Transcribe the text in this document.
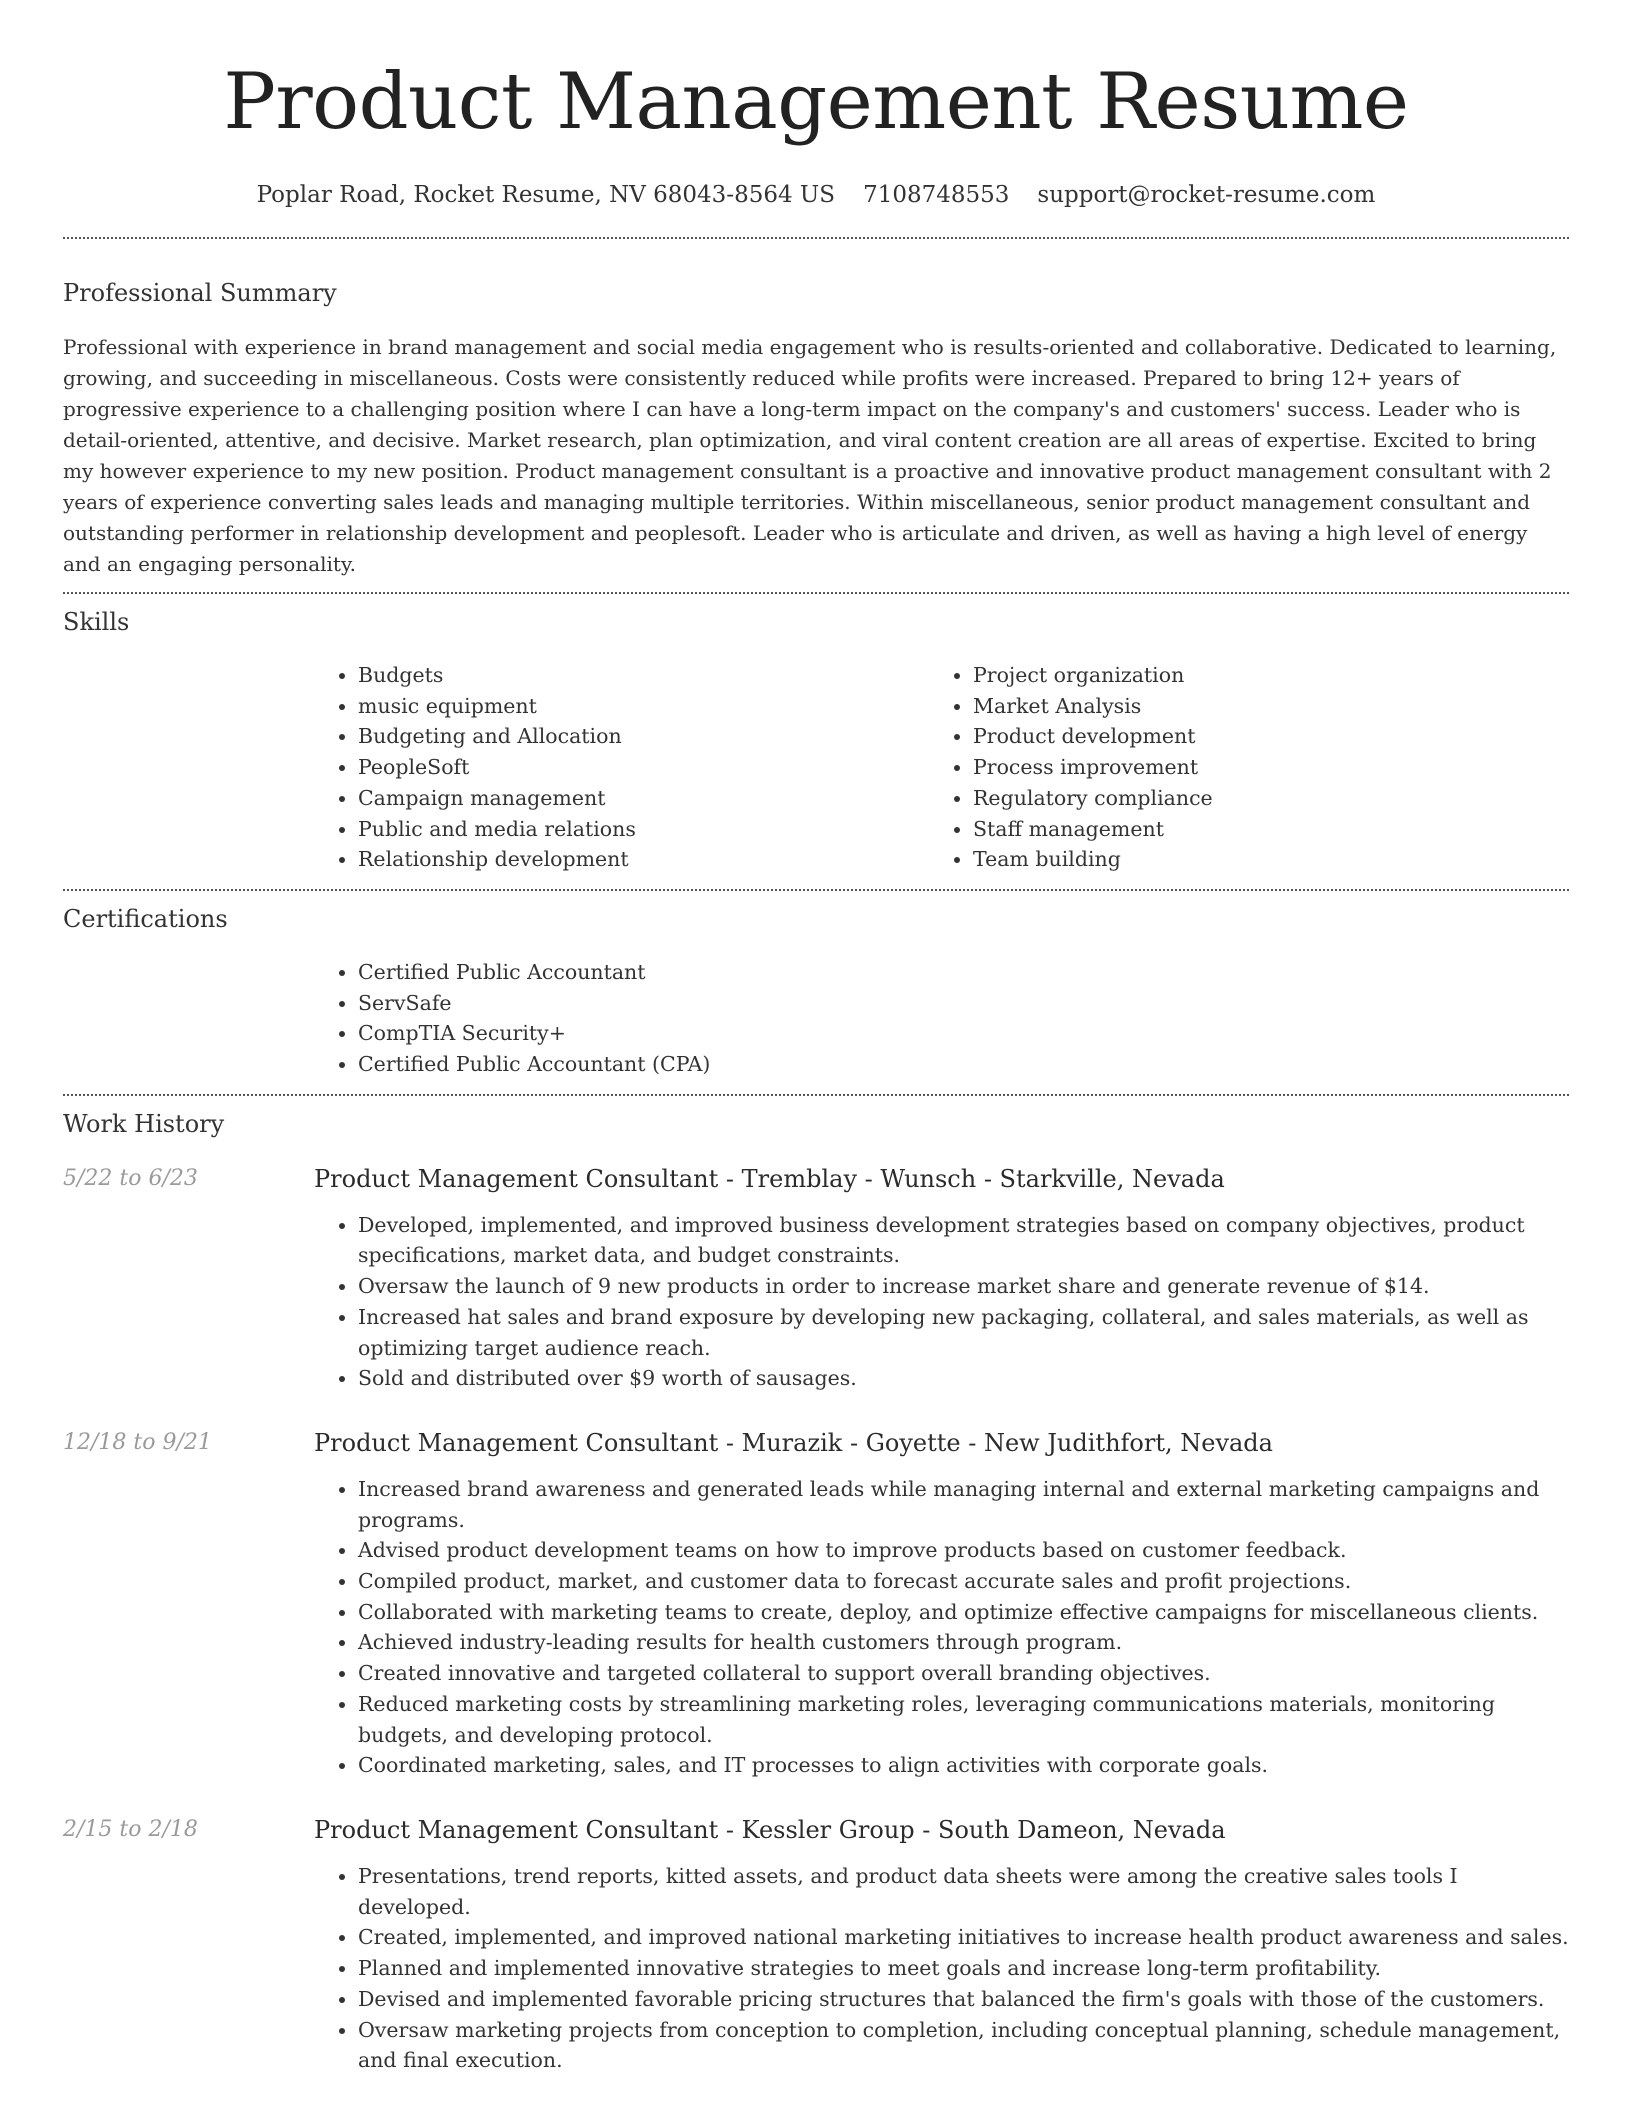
Product Management Resume
Poplar Road, Rocket Resume, NV 68043-8564 US 7108748553 support@rocket-resume.com
Professional Summary

Professional with experience in brand management and social media engagement who is results-oriented and collaborative. Dedicated to learning, growing, and succeeding in miscellaneous. Costs were consistently reduced while profits were increased. Prepared to bring 12+ years of progressive experience to a challenging position where I can have a long-term impact on the company's and customers' success. Leader who is detail-oriented, attentive, and decisive. Market research, plan optimization, and viral content creation are all areas of expertise. Excited to bring my however experience to my new position. Product management consultant is a proactive and innovative product management consultant with 2 years of experience converting sales leads and managing multiple territories. Within miscellaneous, senior product management consultant and outstanding performer in relationship development and peoplesoft. Leader who is articulate and driven, as well as having a high level of energy and an engaging personality.

Skills
• Budgets
• music equipment
• Budgeting and Allocation
• PeopleSoft
• Campaign management
• Public and media relations
• Relationship development
• Project organization
• Market Analysis
• Product development
• Process improvement
• Regulatory compliance
• Staff management
• Team building
Certifications
• Certified Public Accountant
• ServSafe
• CompTIA Security+
• Certified Public Accountant (CPA)
Work History
5/22 to 6/23	Product Management Consultant - Tremblay - Wunsch - Starkville, Nevada
• Developed, implemented, and improved business development strategies based on company objectives, product specifications, market data, and budget constraints.
• Oversaw the launch of 9 new products in order to increase market share and generate revenue of $14.
• Increased hat sales and brand exposure by developing new packaging, collateral, and sales materials, as well as optimizing target audience reach.
• Sold and distributed over $9 worth of sausages.
12/18 to 9/21	Product Management Consultant - Murazik - Goyette - New Judithfort, Nevada
• Increased brand awareness and generated leads while managing internal and external marketing campaigns and programs.
• Advised product development teams on how to improve products based on customer feedback.
• Compiled product, market, and customer data to forecast accurate sales and profit projections.
• Collaborated with marketing teams to create, deploy, and optimize effective campaigns for miscellaneous clients.
• Achieved industry-leading results for health customers through program.
• Created innovative and targeted collateral to support overall branding objectives.
• Reduced marketing costs by streamlining marketing roles, leveraging communications materials, monitoring budgets, and developing protocol.
• Coordinated marketing, sales, and IT processes to align activities with corporate goals.
2/15 to 2/18	Product Management Consultant - Kessler Group - South Dameon, Nevada
• Presentations, trend reports, kitted assets, and product data sheets were among the creative sales tools I developed.
• Created, implemented, and improved national marketing initiatives to increase health product awareness and sales.
• Planned and implemented innovative strategies to meet goals and increase long-term profitability.
• Devised and implemented favorable pricing structures that balanced the firm's goals with those of the customers.
• Oversaw marketing projects from conception to completion, including conceptual planning, schedule management, and final execution.
